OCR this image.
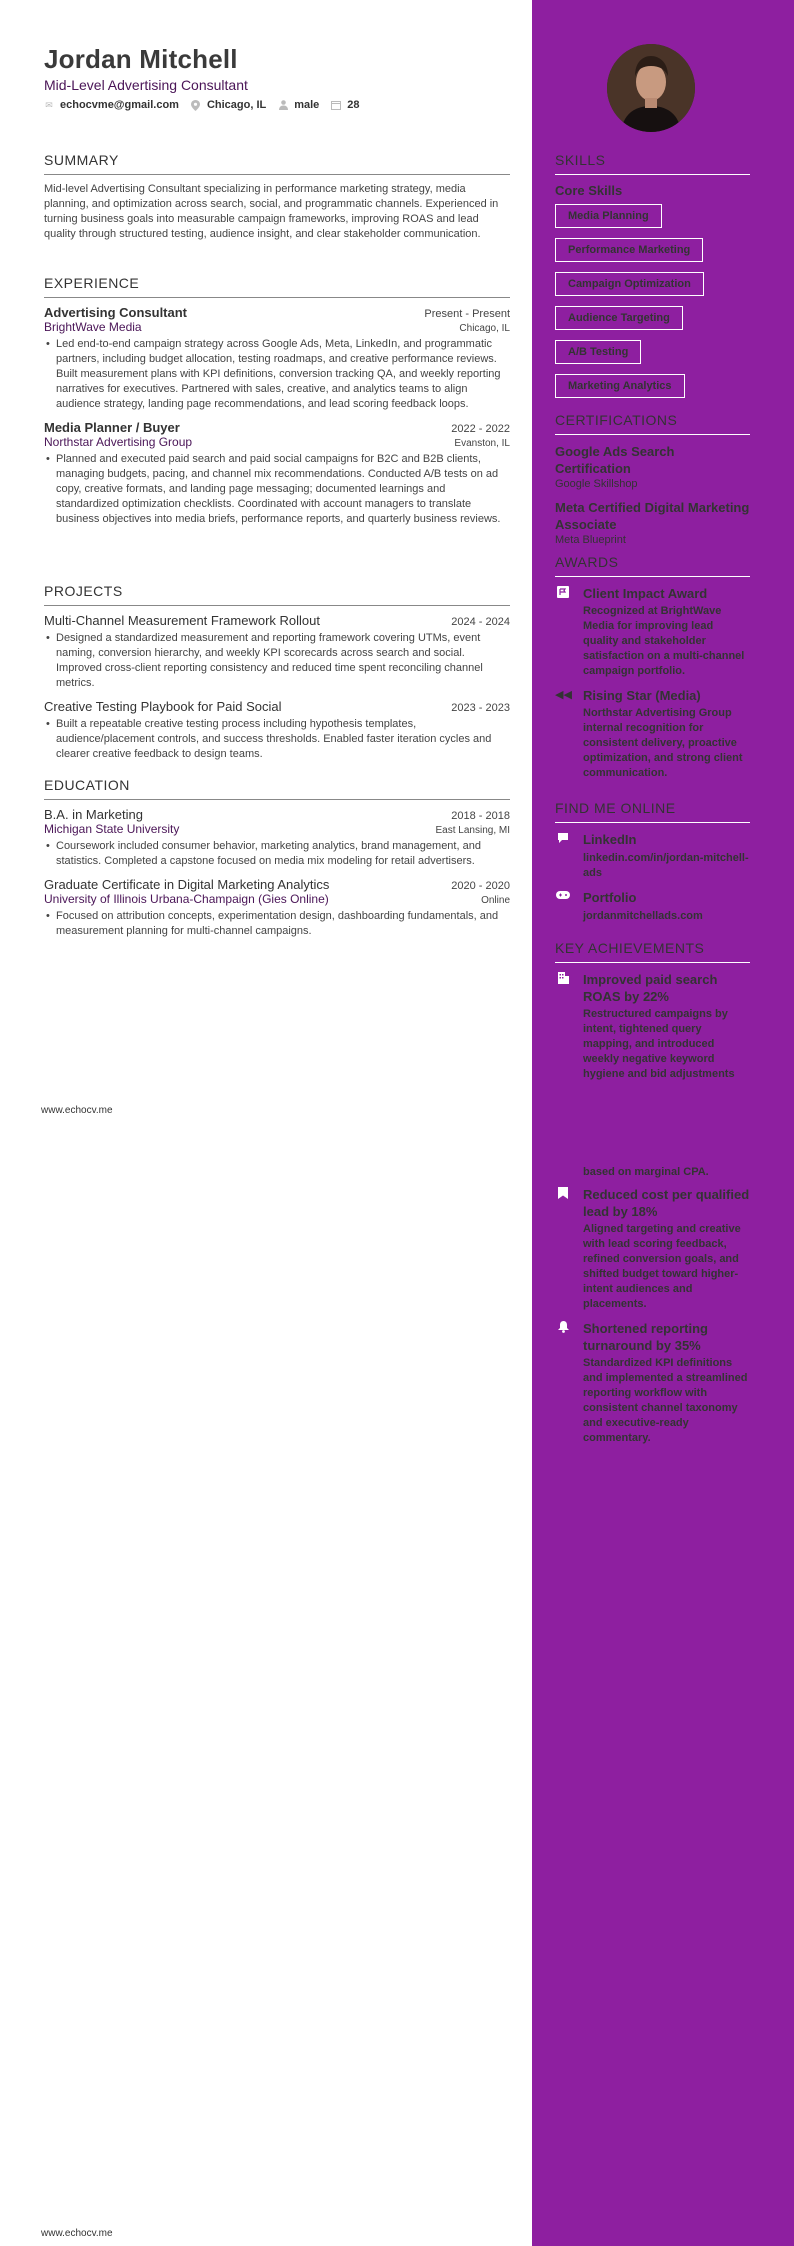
Jordan Mitchell
Mid-Level Advertising Consultant
✉ echocvme@gmail.com	Chicago, IL	male	28
SUMMARY
Mid-level Advertising Consultant specializing in performance marketing strategy, media planning, and optimization across search, social, and programmatic channels. Experienced in turning business goals into measurable campaign frameworks, improving ROAS and lead quality through structured testing, audience insight, and clear stakeholder communication.
EXPERIENCE
Advertising Consultant	Present - Present
BrightWave Media	Chicago, IL
• Led end-to-end campaign strategy across Google Ads, Meta, LinkedIn, and programmatic partners, including budget allocation, testing roadmaps, and creative performance reviews. Built measurement plans with KPI definitions, conversion tracking QA, and weekly reporting narratives for executives. Partnered with sales, creative, and analytics teams to align audience strategy, landing page recommendations, and lead scoring feedback loops.
Media Planner / Buyer	2022 - 2022
Northstar Advertising Group	Evanston, IL
• Planned and executed paid search and paid social campaigns for B2C and B2B clients, managing budgets, pacing, and channel mix recommendations. Conducted A/B tests on ad copy, creative formats, and landing page messaging; documented learnings and standardized optimization checklists. Coordinated with account managers to translate business objectives into media briefs, performance reports, and quarterly business reviews.
PROJECTS
Multi-Channel Measurement Framework Rollout	2024 - 2024
• Designed a standardized measurement and reporting framework covering UTMs, event naming, conversion hierarchy, and weekly KPI scorecards across search and social. Improved cross-client reporting consistency and reduced time spent reconciling channel metrics.
Creative Testing Playbook for Paid Social	2023 - 2023
• Built a repeatable creative testing process including hypothesis templates, audience/placement controls, and success thresholds. Enabled faster iteration cycles and clearer creative feedback to design teams.
EDUCATION
B.A. in Marketing	2018 - 2018
Michigan State University	East Lansing, MI
• Coursework included consumer behavior, marketing analytics, brand management, and statistics. Completed a capstone focused on media mix modeling for retail advertisers.
Graduate Certificate in Digital Marketing Analytics	2020 - 2020
University of Illinois Urbana-Champaign (Gies Online)	Online
• Focused on attribution concepts, experimentation design, dashboarding fundamentals, and measurement planning for multi-channel campaigns.
www.echocv.me
www.echocv.me
SKILLS
Core Skills
Media Planning
Performance Marketing
Campaign Optimization
Audience Targeting
A/B Testing
Marketing Analytics
CERTIFICATIONS
Google Ads Search Certification
Google Skillshop
Meta Certified Digital Marketing Associate
Meta Blueprint
AWARDS
Client Impact Award
Recognized at BrightWave Media for improving lead quality and stakeholder satisfaction on a multi-channel campaign portfolio.
◀◀ Rising Star (Media)
Northstar Advertising Group internal recognition for consistent delivery, proactive optimization, and strong client communication.
FIND ME ONLINE
LinkedIn
linkedin.com/in/jordan-mitchell-ads
Portfolio
jordanmitchellads.com
KEY ACHIEVEMENTS
Improved paid search ROAS by 22%
Restructured campaigns by intent, tightened query mapping, and introduced weekly negative keyword hygiene and bid adjustments
based on marginal CPA.
Reduced cost per qualified lead by 18%
Aligned targeting and creative with lead scoring feedback, refined conversion goals, and shifted budget toward higher-intent audiences and placements.
Shortened reporting turnaround by 35%
Standardized KPI definitions and implemented a streamlined reporting workflow with consistent channel taxonomy and executive-ready commentary.
